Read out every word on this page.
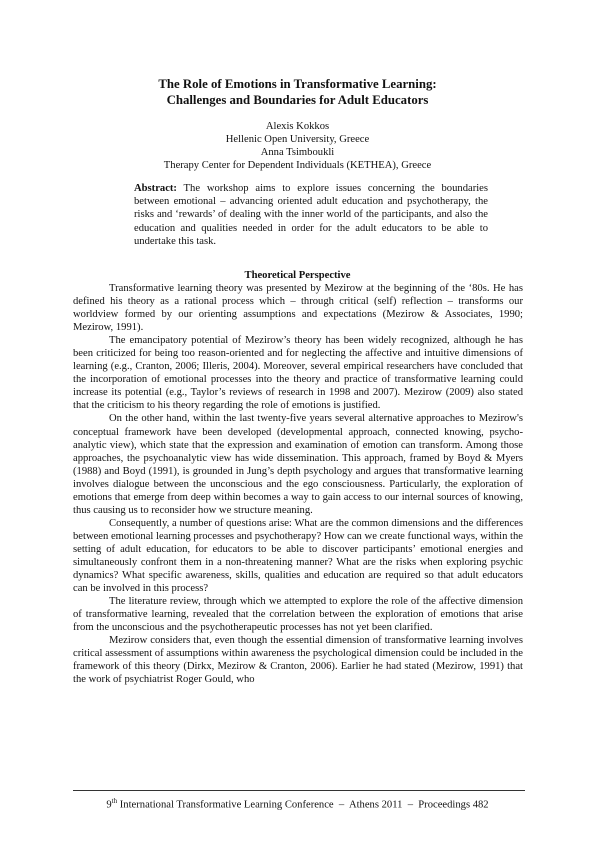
The Role of Emotions in Transformative Learning:
Challenges and Boundaries for Adult Educators
Alexis Kokkos
Hellenic Open University, Greece
Anna Tsimboukli
Therapy Center for Dependent Individuals (KETHEA), Greece
Abstract: The workshop aims to explore issues concerning the boundaries between emotional – advancing oriented adult education and psychotherapy, the risks and ‘rewards’ of dealing with the inner world of the participants, and also the education and qualities needed in order for the adult educators to be able to undertake this task.
Theoretical Perspective

Transformative learning theory was presented by Mezirow at the beginning of the ‘80s. He has defined his theory as a rational process which – through critical (self) reflection – transforms our worldview formed by our orienting assumptions and expectations (Mezirow & Associates, 1990; Mezirow, 1991).

The emancipatory potential of Mezirow’s theory has been widely recognized, although he has been criticized for being too reason-oriented and for neglecting the affective and intuitive dimensions of learning (e.g., Cranton, 2006; Illeris, 2004). Moreover, several empirical researchers have concluded that the incorporation of emotional processes into the theory and practice of transformative learning could increase its potential (e.g., Taylor’s reviews of research in 1998 and 2007). Mezirow (2009) also stated that the criticism to his theory regarding the role of emotions is justified.

On the other hand, within the last twenty-five years several alternative approaches to Mezirow's conceptual framework have been developed (developmental approach, connected knowing, psycho-analytic view), which state that the expression and examination of emotion can transform. Among those approaches, the psychoanalytic view has wide dissemination. This approach, framed by Boyd & Myers (1988) and Boyd (1991), is grounded in Jung’s depth psychology and argues that transformative learning involves dialogue between the unconscious and the ego consciousness. Particularly, the exploration of emotions that emerge from deep within becomes a way to gain access to our internal sources of knowing, thus causing us to reconsider how we structure meaning.

Consequently, a number of questions arise: What are the common dimensions and the differences between emotional learning processes and psychotherapy? How can we create functional ways, within the setting of adult education, for educators to be able to discover participants’ emotional energies and simultaneously confront them in a non-threatening manner? What are the risks when exploring psychic dynamics? What specific awareness, skills, qualities and education are required so that adult educators can be involved in this process?

The literature review, through which we attempted to explore the role of the affective dimension of transformative learning, revealed that the correlation between the exploration of emotions that arise from the unconscious and the psychotherapeutic processes has not yet been clarified.

Mezirow considers that, even though the essential dimension of transformative learning involves critical assessment of assumptions within awareness the psychological dimension could be included in the framework of this theory (Dirkx, Mezirow & Cranton, 2006). Earlier he had stated (Mezirow, 1991) that the work of psychiatrist Roger Gould, who

9th International Transformative Learning Conference  –  Athens 2011  –  Proceedings 482
